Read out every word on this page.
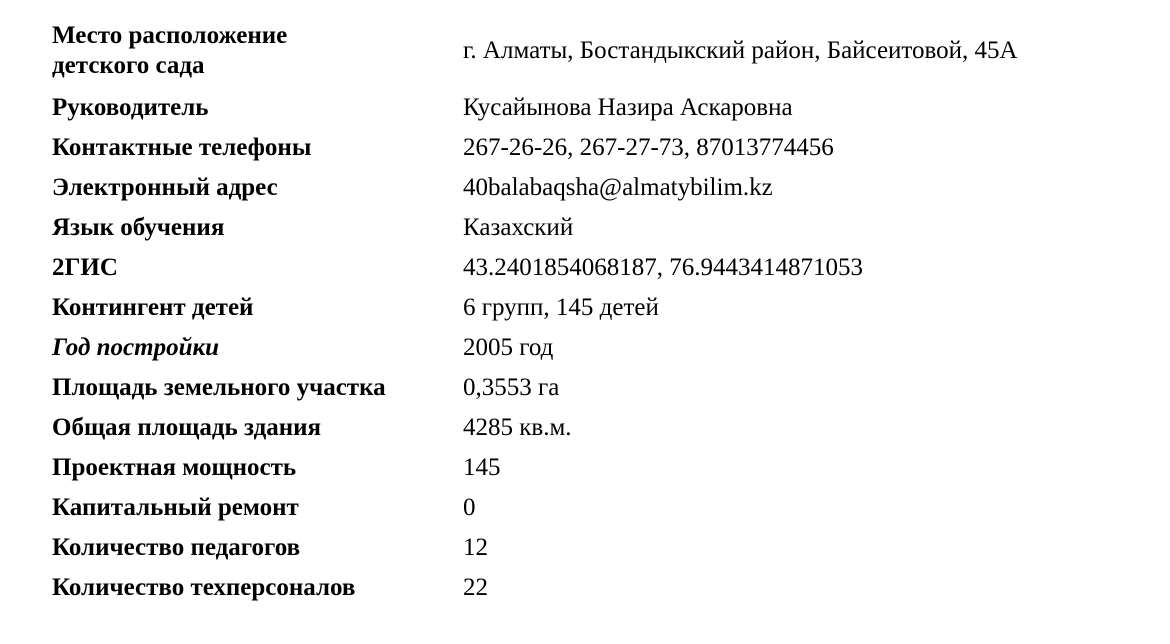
Место расположение
детского сада	г. Алматы, Бостандыкский район, Байсеитовой, 45А
Руководитель	Кусайынова Назира Аскаровна
Контактные телефоны	267-26-26, 267-27-73, 87013774456
Электронный адрес	40balabaqsha@almatybilim.kz
Язык обучения	Казахский
2ГИС	43.2401854068187, 76.9443414871053
Контингент детей	6 групп, 145 детей
Год постройки	2005 год
Площадь земельного участка	0,3553 га
Общая площадь здания	4285 кв.м.
Проектная мощность	145
Капитальный ремонт	0
Количество педагогов	12
Количество техперсоналов	22
